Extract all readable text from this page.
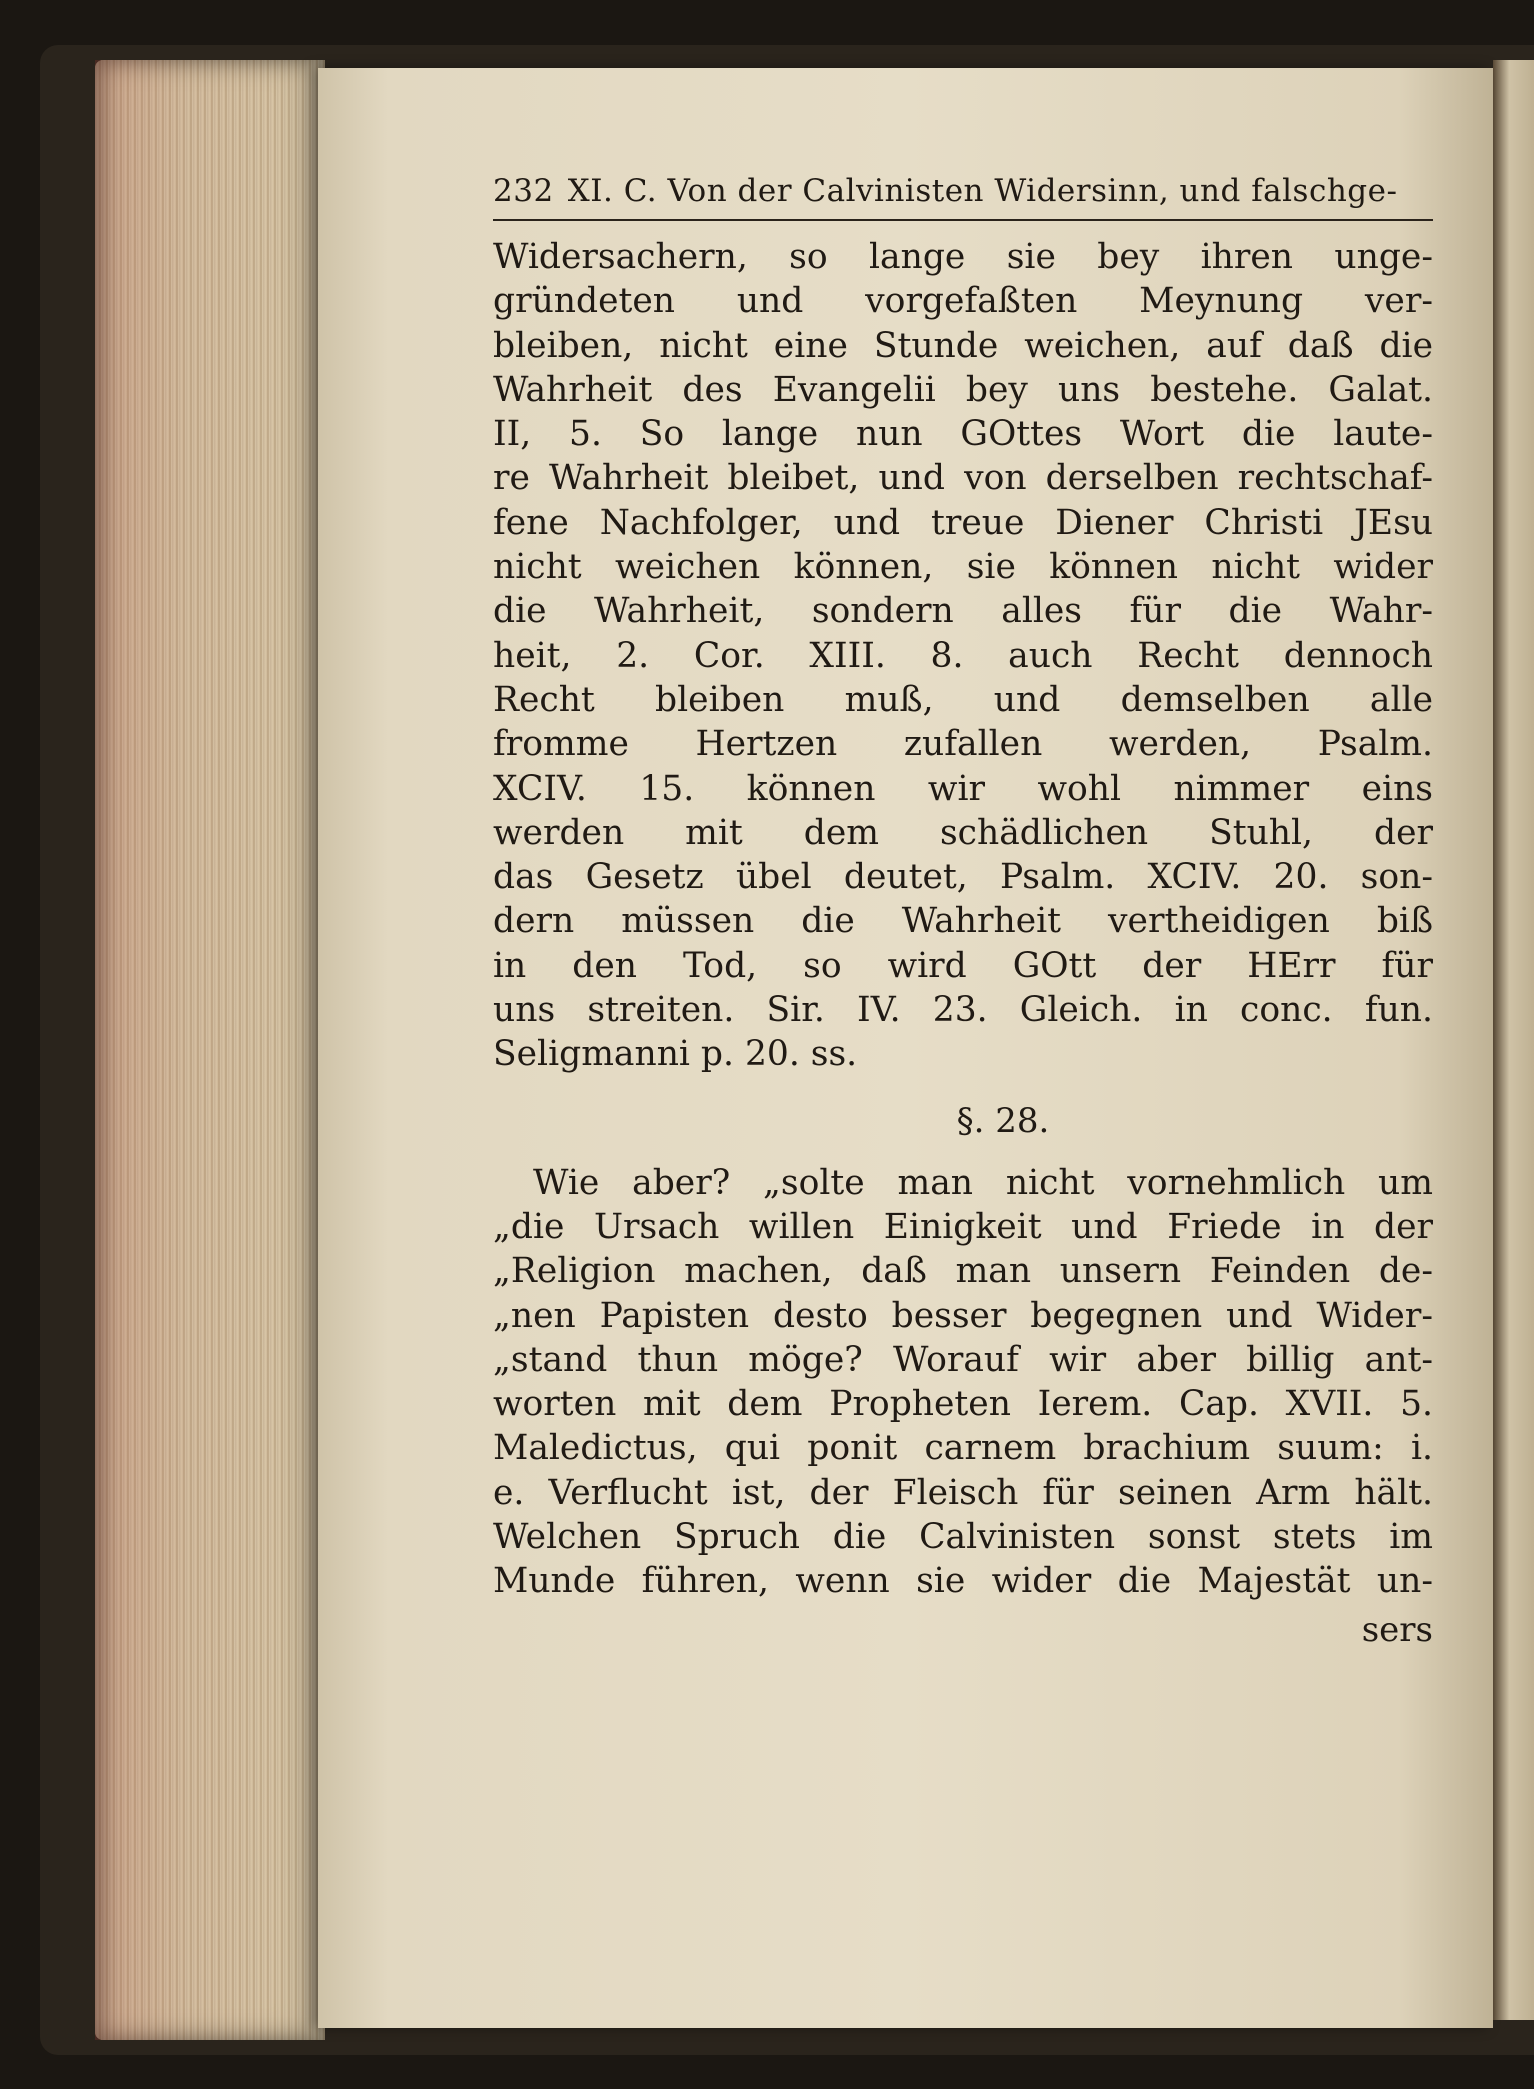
232 XI. C. Von der Calvinisten Widersinn, und falschge-

Widersachern, so lange sie bey ihren unge-

gründeten und vorgefaßten Meynung ver-

bleiben, nicht eine Stunde weichen, auf daß die

Wahrheit des Evangelii bey uns bestehe. Galat.

II, 5. So lange nun GOttes Wort die laute-

re Wahrheit bleibet, und von derselben rechtschaf-

fene Nachfolger, und treue Diener Christi JEsu

nicht weichen können, sie können nicht wider

die Wahrheit, sondern alles für die Wahr-

heit, 2. Cor. XIII. 8. auch Recht dennoch

Recht bleiben muß, und demselben alle

fromme Hertzen zufallen werden, Psalm.

XCIV. 15. können wir wohl nimmer eins

werden mit dem schädlichen Stuhl, der

das Gesetz übel deutet, Psalm. XCIV. 20. son-

dern müssen die Wahrheit vertheidigen biß

in den Tod, so wird GOtt der HErr für

uns streiten. Sir. IV. 23. Gleich. in conc. fun.

Seligmanni p. 20. ss.

§. 28.

Wie aber? „solte man nicht vornehmlich um

„die Ursach willen Einigkeit und Friede in der

„Religion machen, daß man unsern Feinden de-

„nen Papisten desto besser begegnen und Wider-

„stand thun möge? Worauf wir aber billig ant-

worten mit dem Propheten Ierem. Cap. XVII. 5.

Maledictus, qui ponit carnem brachium suum: i.

e. Verflucht ist, der Fleisch für seinen Arm hält.

Welchen Spruch die Calvinisten sonst stets im

Munde führen, wenn sie wider die Majestät un-

sers
